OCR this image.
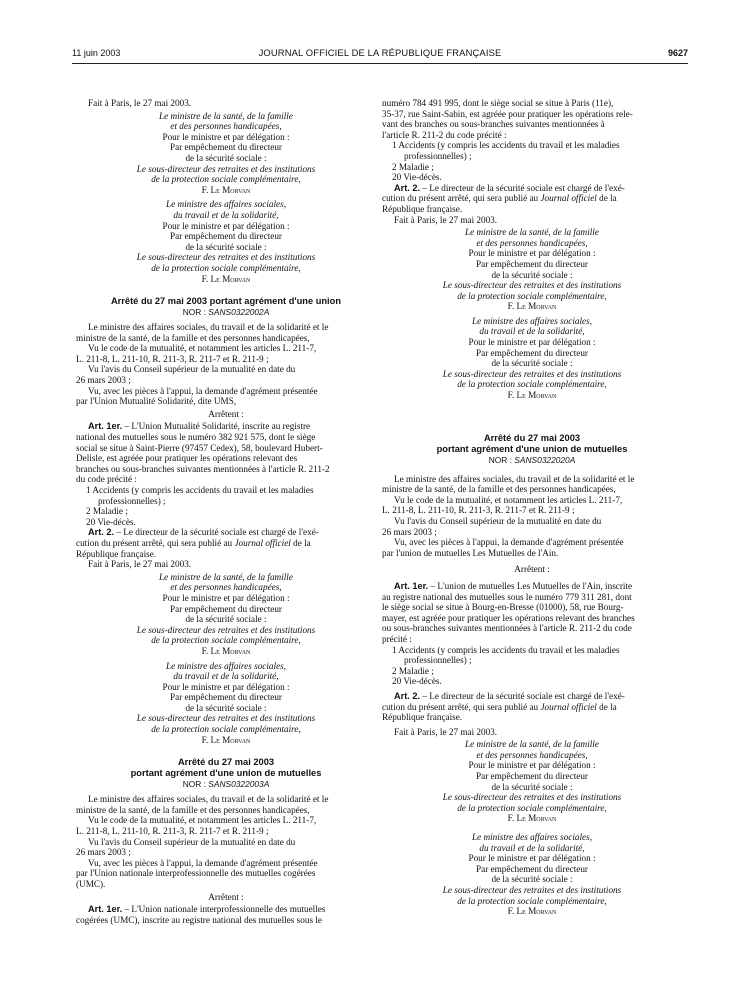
11 juin 2003	JOURNAL OFFICIEL DE LA RÉPUBLIQUE FRANÇAISE	9627

Fait à Paris, le 27 mai 2003.

Le ministre de la santé, de la famille
et des personnes handicapées,
Pour le ministre et par délégation :
Par empêchement du directeur
de la sécurité sociale :
Le sous-directeur des retraites et des institutions
de la protection sociale complémentaire,
F. Le Morvan
Le ministre des affaires sociales,
du travail et de la solidarité,
Pour le ministre et par délégation :
Par empêchement du directeur
de la sécurité sociale :
Le sous-directeur des retraites et des institutions
de la protection sociale complémentaire,
F. Le Morvan
Arrêté du 27 mai 2003 portant agrément d'une union
NOR : SANS0322002A

Le ministre des affaires sociales, du travail et de la solidarité et le

ministre de la santé, de la famille et des personnes handicapées,

Vu le code de la mutualité, et notamment les articles L. 211-7,

L. 211-8, L. 211-10, R. 211-3, R. 211-7 et R. 211-9 ;

Vu l'avis du Conseil supérieur de la mutualité en date du

26 mars 2003 ;

Vu, avec les pièces à l'appui, la demande d'agrément présentée

par l'Union Mutualité Solidarité, dite UMS,

Arrêtent :

Art. 1er. – L'Union Mutualité Solidarité, inscrite au registre

national des mutuelles sous le numéro 382 921 575, dont le siège

social se situe à Saint-Pierre (97457 Cedex), 58, boulevard Hubert-

Delisle, est agréée pour pratiquer les opérations relevant des

branches ou sous-branches suivantes mentionnées à l'article R. 211-2

du code précité :

1 Accidents (y compris les accidents du travail et les maladies
professionnelles) ;

2 Maladie ;

20 Vie-décès.

Art. 2. – Le directeur de la sécurité sociale est chargé de l'exé-

cution du présent arrêté, qui sera publié au Journal officiel de la

République française.

Fait à Paris, le 27 mai 2003.

Le ministre de la santé, de la famille
et des personnes handicapées,
Pour le ministre et par délégation :
Par empêchement du directeur
de la sécurité sociale :
Le sous-directeur des retraites et des institutions
de la protection sociale complémentaire,
F. Le Morvan
Le ministre des affaires sociales,
du travail et de la solidarité,
Pour le ministre et par délégation :
Par empêchement du directeur
de la sécurité sociale :
Le sous-directeur des retraites et des institutions
de la protection sociale complémentaire,
F. Le Morvan
Arrêté du 27 mai 2003
portant agrément d'une union de mutuelles
NOR : SANS0322003A

Le ministre des affaires sociales, du travail et de la solidarité et le

ministre de la santé, de la famille et des personnes handicapées,

Vu le code de la mutualité, et notamment les articles L. 211-7,

L. 211-8, L. 211-10, R. 211-3, R. 211-7 et R. 211-9 ;

Vu l'avis du Conseil supérieur de la mutualité en date du

26 mars 2003 ;

Vu, avec les pièces à l'appui, la demande d'agrément présentée

par l'Union nationale interprofessionnelle des mutuelles cogérées

(UMC).

Arrêtent :

Art. 1er. – L'Union nationale interprofessionnelle des mutuelles

cogérées (UMC), inscrite au registre national des mutuelles sous le

numéro 784 491 995, dont le siège social se situe à Paris (11e),

35-37, rue Saint-Sabin, est agréée pour pratiquer les opérations rele-

vant des branches ou sous-branches suivantes mentionnées à

l'article R. 211-2 du code précité :

1 Accidents (y compris les accidents du travail et les maladies
professionnelles) ;

2 Maladie ;

20 Vie-décès.

Art. 2. – Le directeur de la sécurité sociale est chargé de l'exé-

cution du présent arrêté, qui sera publié au Journal officiel de la

République française.

Fait à Paris, le 27 mai 2003.

Le ministre de la santé, de la famille
et des personnes handicapées,
Pour le ministre et par délégation :
Par empêchement du directeur
de la sécurité sociale :
Le sous-directeur des retraites et des institutions
de la protection sociale complémentaire,
F. Le Morvan
Le ministre des affaires sociales,
du travail et de la solidarité,
Pour le ministre et par délégation :
Par empêchement du directeur
de la sécurité sociale :
Le sous-directeur des retraites et des institutions
de la protection sociale complémentaire,
F. Le Morvan
Arrêté du 27 mai 2003
portant agrément d'une union de mutuelles
NOR : SANS0322020A

Le ministre des affaires sociales, du travail et de la solidarité et le

ministre de la santé, de la famille et des personnes handicapées,

Vu le code de la mutualité, et notamment les articles L. 211-7,

L. 211-8, L. 211-10, R. 211-3, R. 211-7 et R. 211-9 ;

Vu l'avis du Conseil supérieur de la mutualité en date du

26 mars 2003 ;

Vu, avec les pièces à l'appui, la demande d'agrément présentée

par l'union de mutuelles Les Mutuelles de l'Ain.

Arrêtent :

Art. 1er. – L'union de mutuelles Les Mutuelles de l'Ain, inscrite

au registre national des mutuelles sous le numéro 779 311 281, dont

le siège social se situe à Bourg-en-Bresse (01000), 58, rue Bourg-

mayer, est agréée pour pratiquer les opérations relevant des branches

ou sous-branches suivantes mentionnées à l'article R. 211-2 du code

précité :

1 Accidents (y compris les accidents du travail et les maladies
professionnelles) ;

2 Maladie ;

20 Vie-décès.

Art. 2. – Le directeur de la sécurité sociale est chargé de l'exé-

cution du présent arrêté, qui sera publié au Journal officiel de la

République française.

Fait à Paris, le 27 mai 2003.

Le ministre de la santé, de la famille
et des personnes handicapées,
Pour le ministre et par délégation :
Par empêchement du directeur
de la sécurité sociale :
Le sous-directeur des retraites et des institutions
de la protection sociale complémentaire,
F. Le Morvan
Le ministre des affaires sociales,
du travail et de la solidarité,
Pour le ministre et par délégation :
Par empêchement du directeur
de la sécurité sociale :
Le sous-directeur des retraites et des institutions
de la protection sociale complémentaire,
F. Le Morvan
